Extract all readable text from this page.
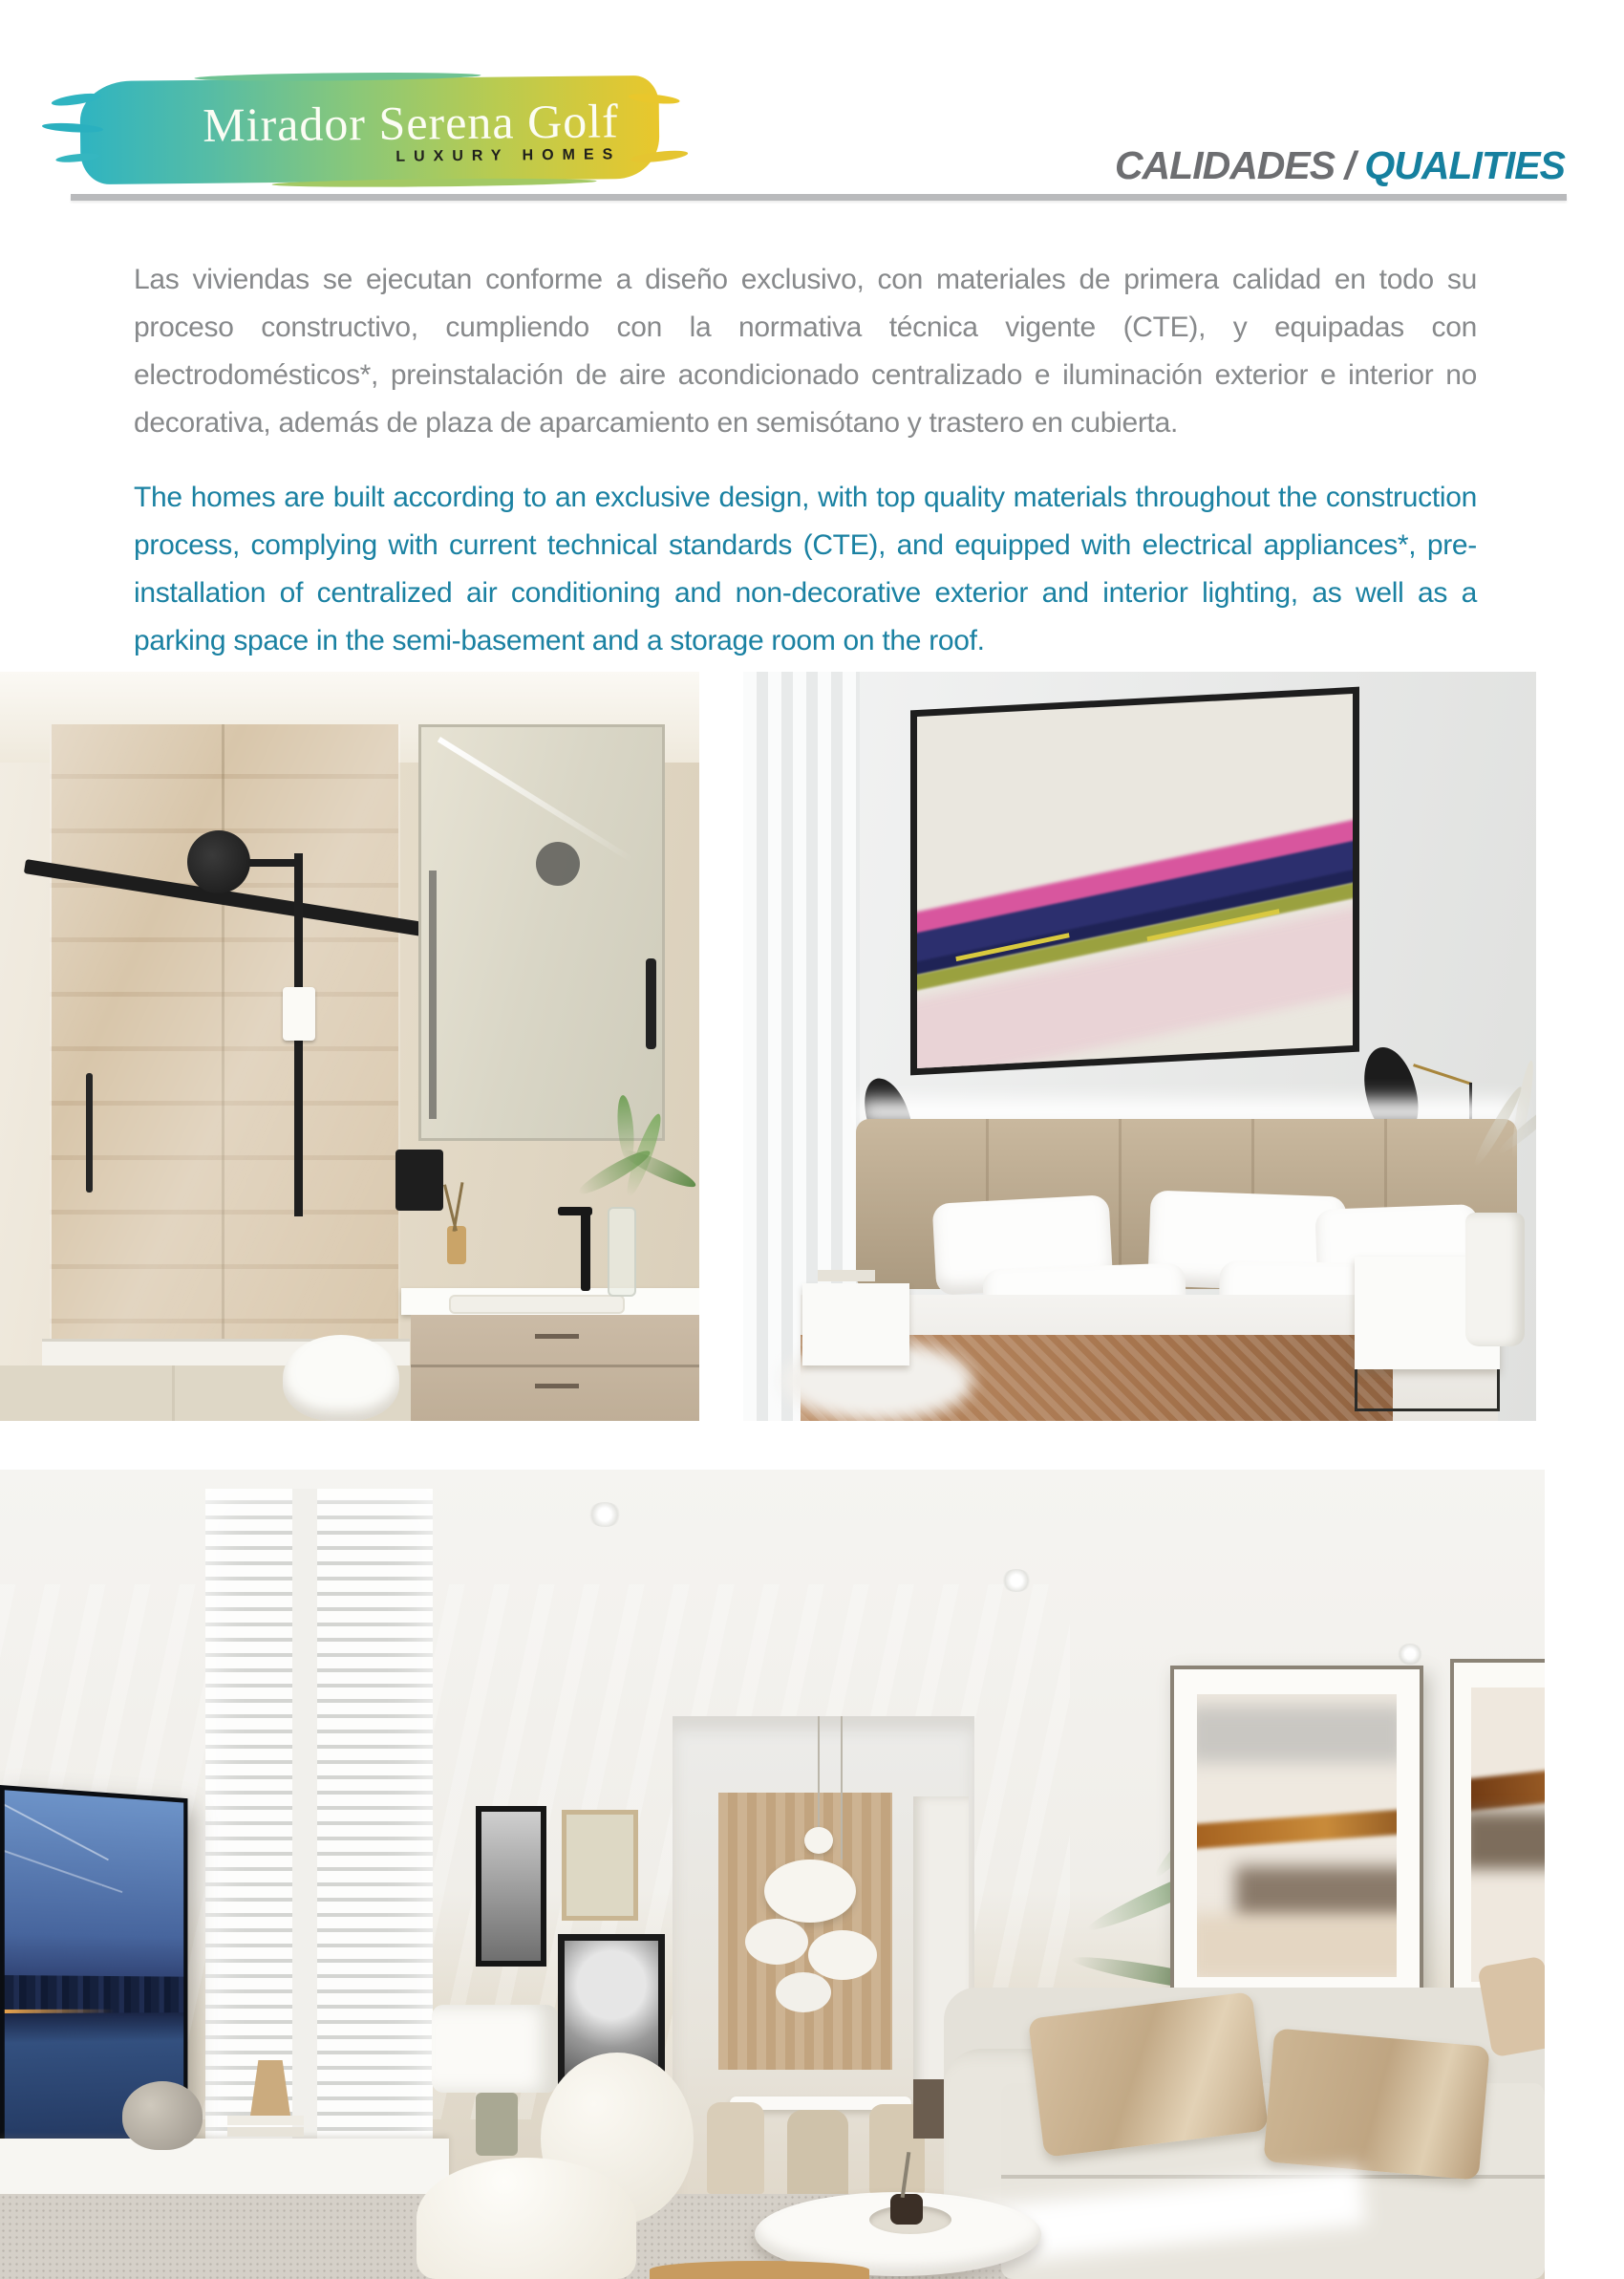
Mirador Serena Golf
LUXURY HOMES	CALIDADES / QUALITIES
Las viviendas se ejecutan conforme a diseño exclusivo, con materiales de primera calidad en todo su proceso constructivo, cumpliendo con la normativa técnica vigente (CTE), y equipadas con electrodomésticos*, preinstalación de aire acondicionado centralizado e iluminación exterior e interior no decorativa, además de plaza de aparcamiento en semisótano y trastero en cubierta.
The homes are built according to an exclusive design, with top quality materials throughout the construction process, complying with current technical standards (CTE), and equipped with electrical appliances*, pre-installation of centralized air conditioning and non-decorative exterior and interior lighting, as well as a parking space in the semi-basement and a storage room on the roof.
